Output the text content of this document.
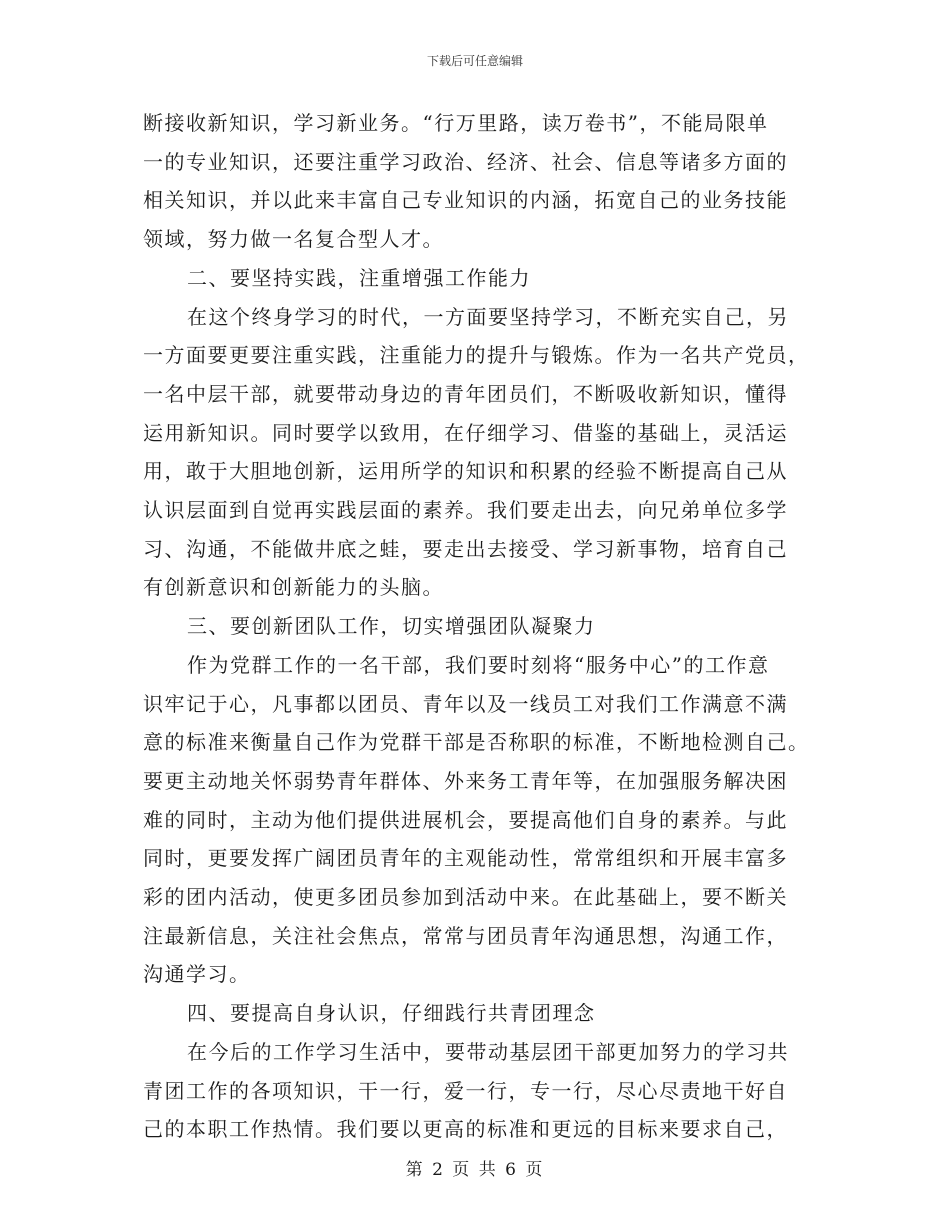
下载后可任意编辑
断接收新知识，学习新业务。“行万里路，读万卷书”，不能局限单
一的专业知识，还要注重学习政治、经济、社会、信息等诸多方面的
相关知识，并以此来丰富自己专业知识的内涵，拓宽自己的业务技能
领域，努力做一名复合型人才。
二、要坚持实践，注重增强工作能力
在这个终身学习的时代，一方面要坚持学习，不断充实自己，另
一方面要更要注重实践，注重能力的提升与锻炼。作为一名共产党员，
一名中层干部，就要带动身边的青年团员们，不断吸收新知识，懂得
运用新知识。同时要学以致用，在仔细学习、借鉴的基础上，灵活运
用，敢于大胆地创新，运用所学的知识和积累的经验不断提高自己从
认识层面到自觉再实践层面的素养。我们要走出去，向兄弟单位多学
习、沟通，不能做井底之蛙，要走出去接受、学习新事物，培育自己
有创新意识和创新能力的头脑。
三、要创新团队工作，切实增强团队凝聚力
作为党群工作的一名干部，我们要时刻将“服务中心”的工作意
识牢记于心，凡事都以团员、青年以及一线员工对我们工作满意不满
意的标准来衡量自己作为党群干部是否称职的标准，不断地检测自己。
要更主动地关怀弱势青年群体、外来务工青年等，在加强服务解决困
难的同时，主动为他们提供进展机会，要提高他们自身的素养。与此
同时，更要发挥广阔团员青年的主观能动性，常常组织和开展丰富多
彩的团内活动，使更多团员参加到活动中来。在此基础上，要不断关
注最新信息，关注社会焦点，常常与团员青年沟通思想，沟通工作，
沟通学习。
四、要提高自身认识，仔细践行共青团理念
在今后的工作学习生活中，要带动基层团干部更加努力的学习共
青团工作的各项知识，干一行，爱一行，专一行，尽心尽责地干好自
己的本职工作热情。我们要以更高的标准和更远的目标来要求自己，
第 2 页 共 6 页
